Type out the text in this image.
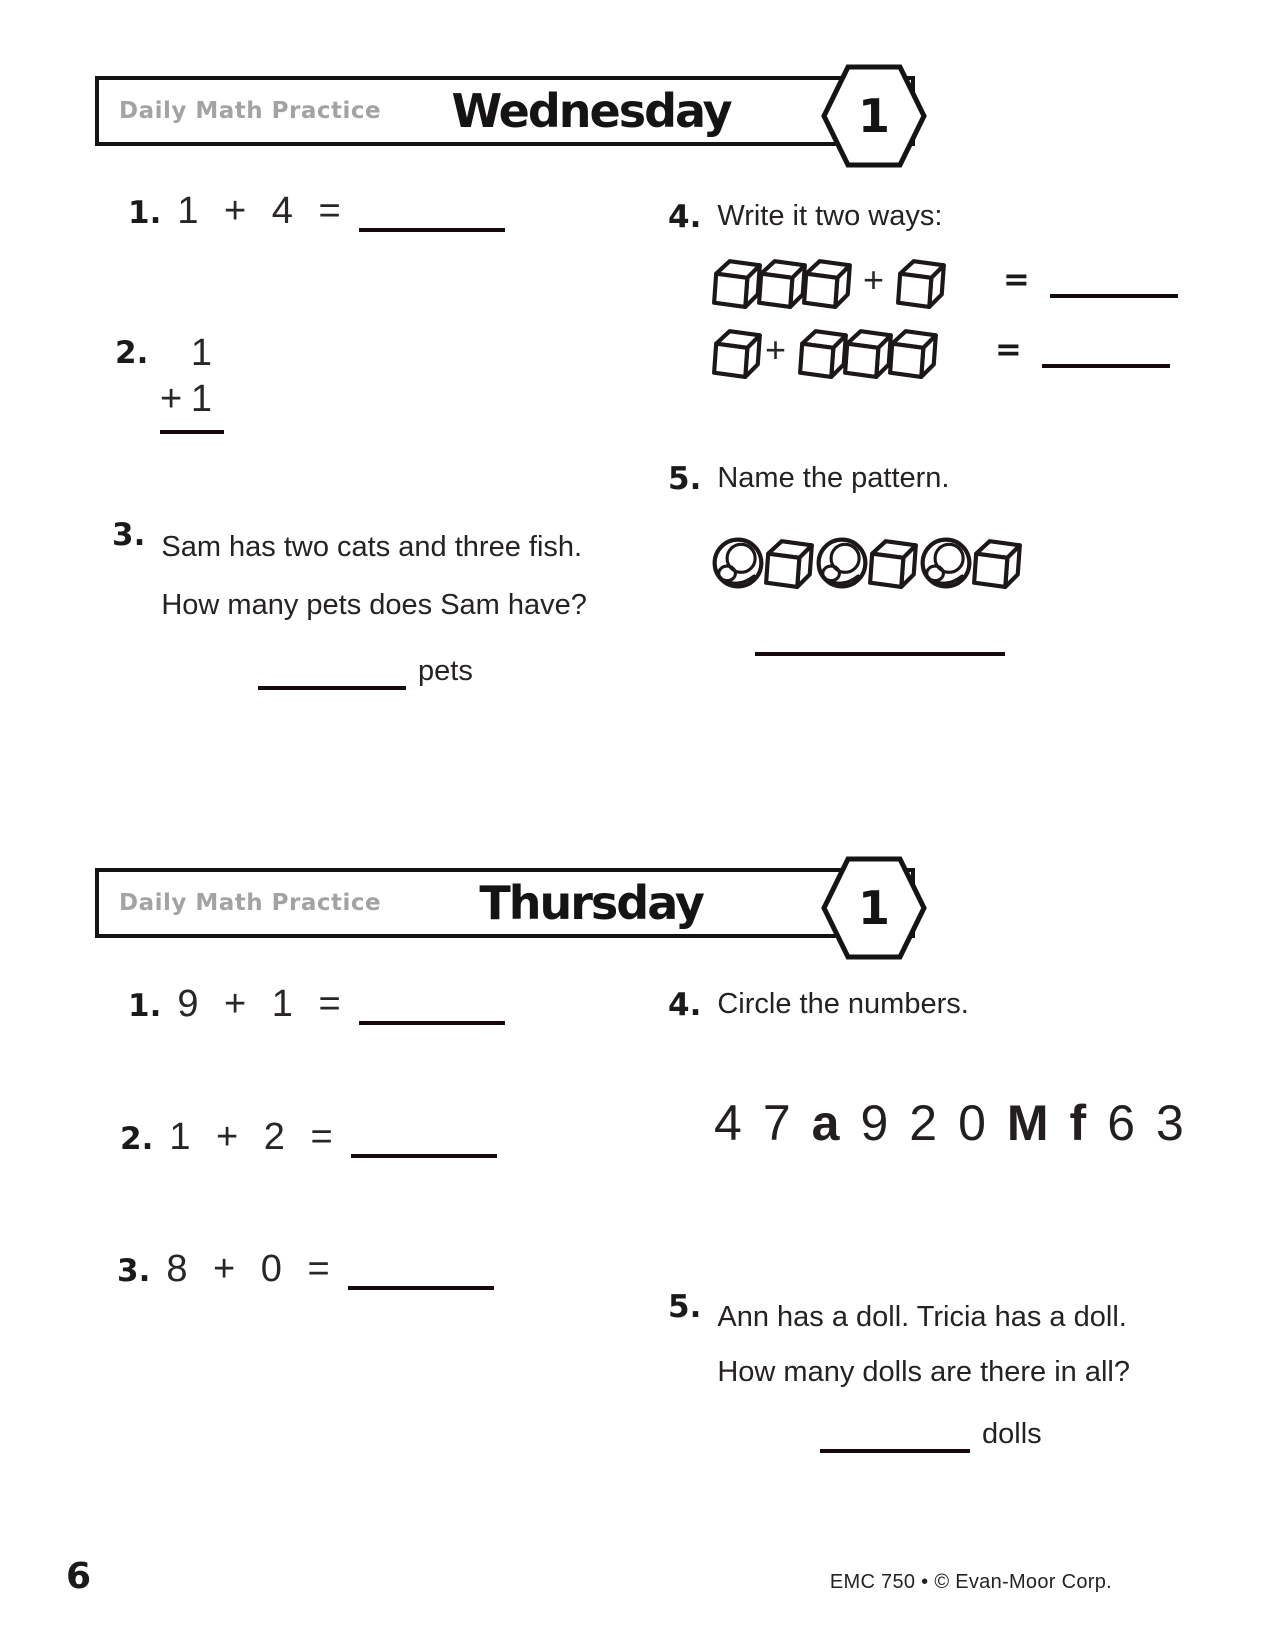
Daily Math Practice	Wednesday	1
1. 1 + 4 =
2. 1
+ 1
3. Sam has two cats and three fish.
How many pets does Sam have?
pets
4. Write it two ways:
+	=
+	=
5. Name the pattern.
Daily Math Practice	Thursday	1
1. 9 + 1 =
2. 1 + 2 =
3. 8 + 0 =
4. Circle the numbers.
4 7 a 9 2 0 M f 6 3
5. Ann has a doll. Tricia has a doll.
How many dolls are there in all?
dolls
6	EMC 750 • © Evan-Moor Corp.
